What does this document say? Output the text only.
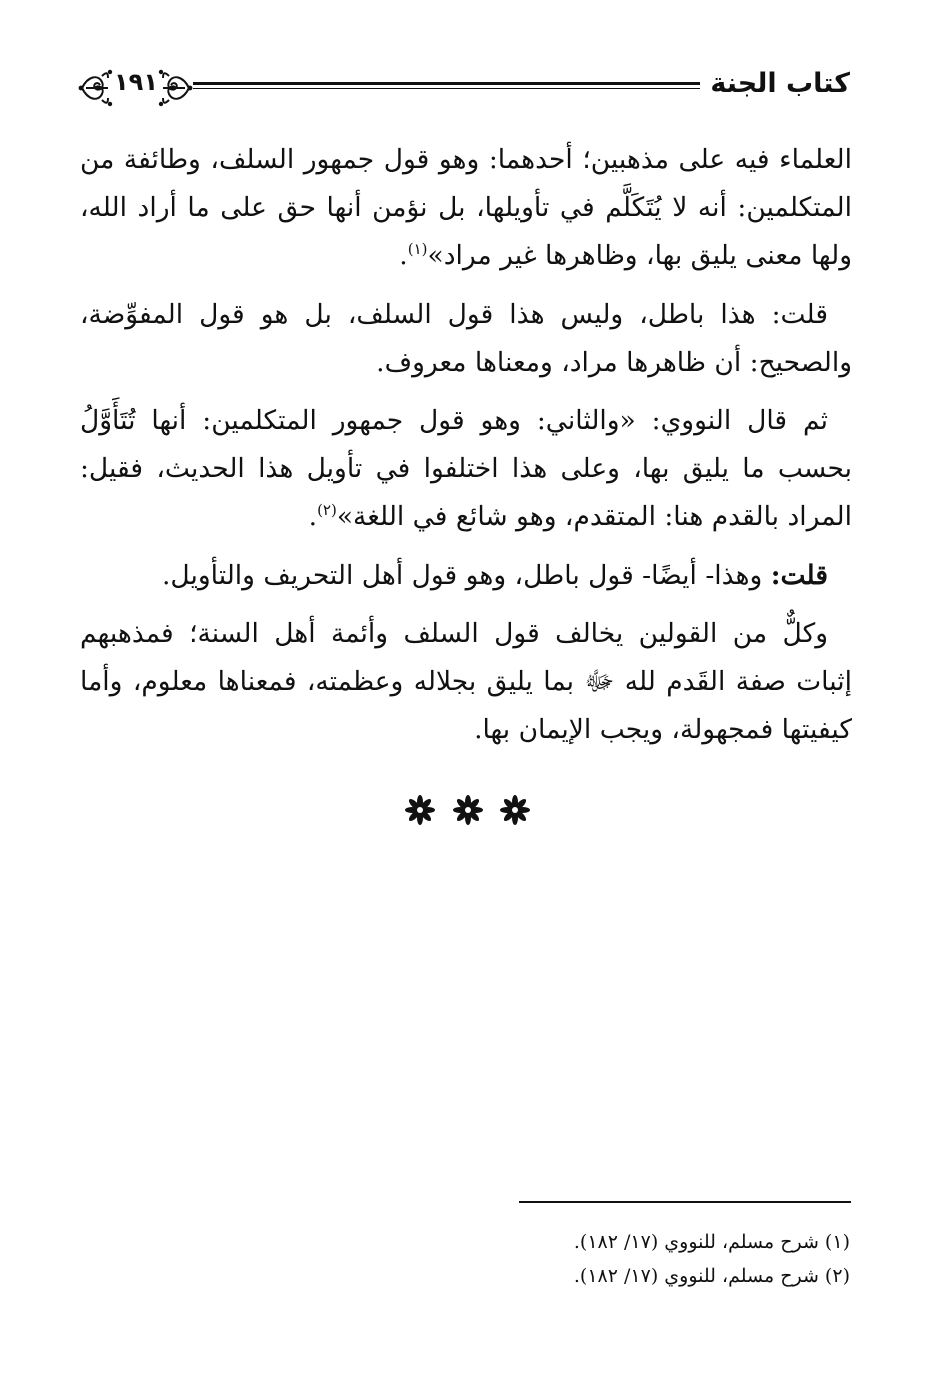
كتاب الجنة
١٩١

العلماء فيه على مذهبين؛ أحدهما: وهو قول جمهور السلف، وطائفة من المتكلمين: أنه لا يُتَكَلَّم في تأويلها، بل نؤمن أنها حق على ما أراد الله، ولها معنى يليق بها، وظاهرها غير مراد»$^{(١)}$.

قلت: هذا باطل، وليس هذا قول السلف، بل هو قول المفوِّضة، والصحيح: أن ظاهرها مراد، ومعناها معروف.

ثم قال النووي: «والثاني: وهو قول جمهور المتكلمين: أنها تُتَأَوَّلُ بحسب ما يليق بها، وعلى هذا اختلفوا في تأويل هذا الحديث، فقيل: المراد بالقدم هنا: المتقدم، وهو شائع في اللغة»$^{(٢)}$.

قلت: وهذا- أيضًا- قول باطل، وهو قول أهل التحريف والتأويل.

وكلٌّ من القولين يخالف قول السلف وأئمة أهل السنة؛ فمذهبهم إثبات صفة القَدم لله ﷻ بما يليق بجلاله وعظمته، فمعناها معلوم، وأما كيفيتها فمجهولة، ويجب الإيمان بها.

(١) شرح مسلم، للنووي (١٧/ ١٨٢).
(٢) شرح مسلم، للنووي (١٧/ ١٨٢).
